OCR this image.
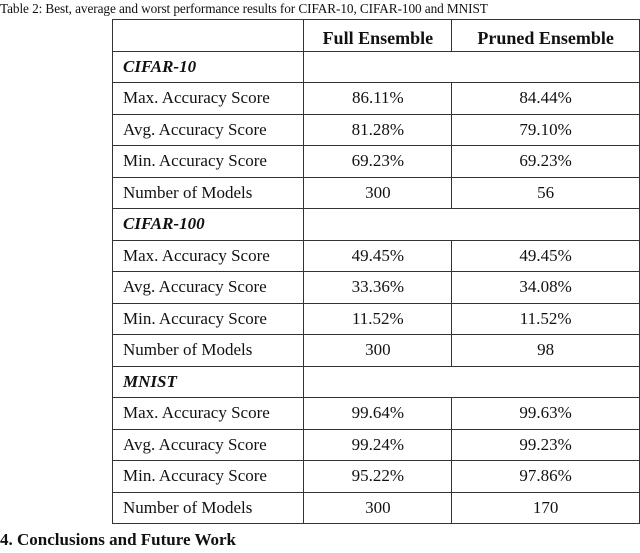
Table 2: Best, average and worst performance results for CIFAR-10, CIFAR-100 and MNIST
	Full Ensemble	Pruned Ensemble
CIFAR-10		
Max. Accuracy Score	86.11%	84.44%
Avg. Accuracy Score	81.28%	79.10%
Min. Accuracy Score	69.23%	69.23%
Number of Models	300	56
CIFAR-100		
Max. Accuracy Score	49.45%	49.45%
Avg. Accuracy Score	33.36%	34.08%
Min. Accuracy Score	11.52%	11.52%
Number of Models	300	98
MNIST		
Max. Accuracy Score	99.64%	99.63%
Avg. Accuracy Score	99.24%	99.23%
Min. Accuracy Score	95.22%	97.86%
Number of Models	300	170
4. Conclusions and Future Work
